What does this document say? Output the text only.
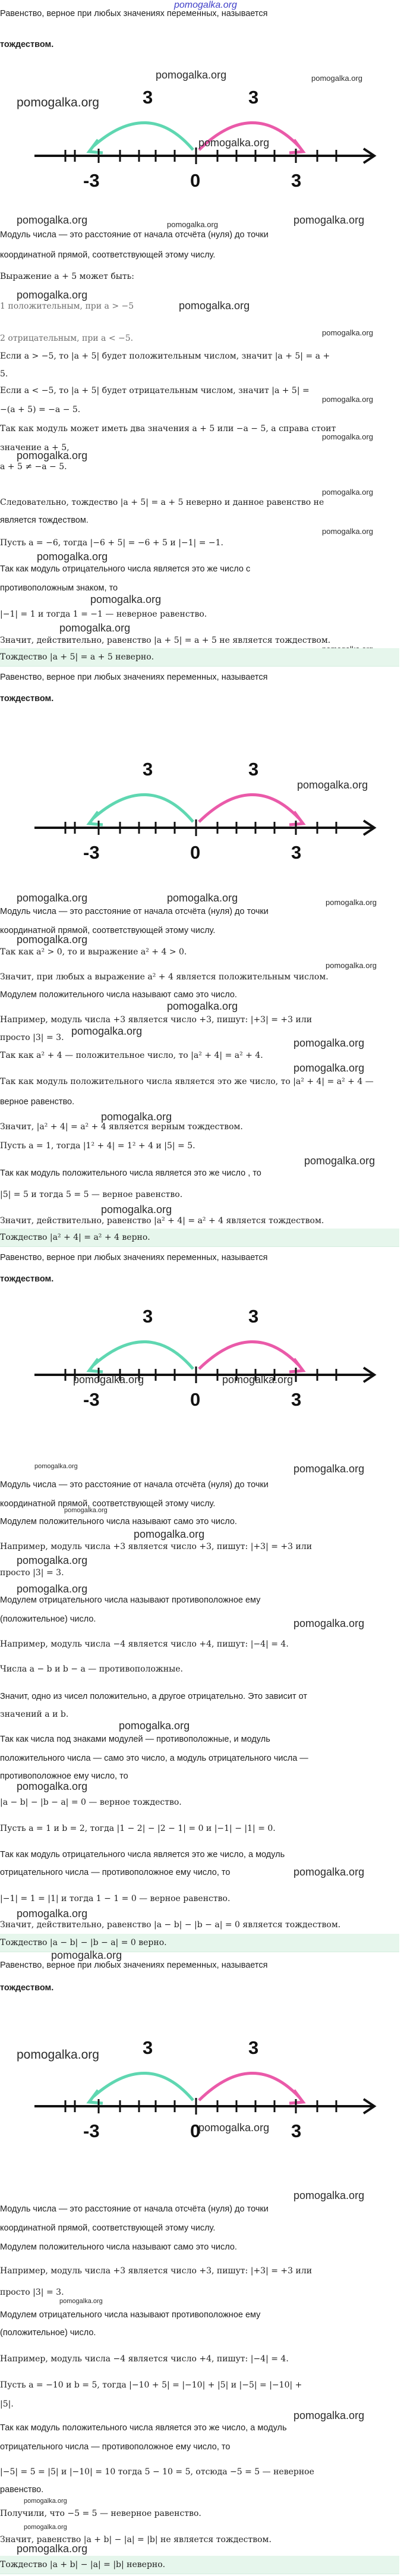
pomogalka.org

Равенство, верное при любых значениях переменных, называется

тождеством.

pomogalka.org	pomogalka.org
3	3
-3	0	3
pomogalka.org
pomogalka.org
pomogalka.org	pomogalka.org	pomogalka.org

Модуль числа — это расстояние от начала отсчёта (нуля) до точки

координатной прямой, соответствующей этому числу.

Выражение a + 5 может быть:

pomogalka.org

1 положительным, при a > −5	pomogalka.org
pomogalka.org

2 отрицательным, при a < −5.

Если a > −5, то |a + 5| будет положительным числом, значит |a + 5| = a +

5.

Если a < −5, то |a + 5| будет отрицательным числом, значит |a + 5| =

pomogalka.org

−(a + 5) = −a − 5.

Так как модуль может иметь два значения a + 5 или −a − 5, а справа стоит

pomogalka.org

значение a + 5,

pomogalka.org

a + 5 ≠ −a − 5.

pomogalka.org

Следовательно, тождество |a + 5| = a + 5 неверно и данное равенство не

является тождеством.

pomogalka.org

Пусть a = −6, тогда |−6 + 5| = −6 + 5 и |−1| = −1.

pomogalka.org

Так как модуль отрицательного числа является это же число с

противоположным знаком, то

pomogalka.org

|−1| = 1 и тогда 1 = −1 — неверное равенство.

pomogalka.org

Значит, действительно, равенство |a + 5| = a + 5 не является тождеством.

Тождество |a + 5| = a + 5 неверно.

Равенство, верное при любых значениях переменных, называется

тождеством.

3	3
-3	0	3
pomogalka.org
pomogalka.org	pomogalka.org	pomogalka.org

Модуль числа — это расстояние от начала отсчёта (нуля) до точки

координатной прямой, соответствующей этому числу.

pomogalka.org

Так как a² > 0, то и выражение a² + 4 > 0.

pomogalka.org

Значит, при любых a выражение a² + 4 является положительным числом.

Модулем положительного числа называют само это число.

pomogalka.org

Например, модуль числа +3 является число +3, пишут: |+3| = +3 или

просто |3| = 3.

pomogalka.org
pomogalka.org

Так как a² + 4 — положительное число, то |a² + 4| = a² + 4.

pomogalka.org

Так как модуль положительного числа является это же число, то |a² + 4| = a² + 4 —

верное равенство.

pomogalka.org

Значит, |a² + 4| = a² + 4 является верным тождеством.

Пусть a = 1, тогда |1² + 4| = 1² + 4 и |5| = 5.

pomogalka.org

Так как модуль положительного числа является это же число , то

|5| = 5 и тогда 5 = 5 — верное равенство.

pomogalka.org

Значит, действительно, равенство |a² + 4| = a² + 4 является тождеством.

Тождество |a² + 4| = a² + 4 верно.

Равенство, верное при любых значениях переменных, называется

тождеством.

3	3
-3	0	3
pomogalka.org	pomogalka.org
pomogalka.org	pomogalka.org

Модуль числа — это расстояние от начала отсчёта (нуля) до точки

координатной прямой, соответствующей этому числу.

pomogalka.org

Модулем положительного числа называют само это число.

pomogalka.org

Например, модуль числа +3 является число +3, пишут: |+3| = +3 или

pomogalka.org

просто |3| = 3.

pomogalka.org

Модулем отрицательного числа называют противоположное ему

(положительное) число.	pomogalka.org

Например, модуль числа −4 является число +4, пишут: |−4| = 4.

Числа a − b и b − a — противоположные.

Значит, одно из чисел положительно, а другое отрицательно. Это зависит от

значений a и b.

pomogalka.org

Так как числа под знаками модулей — противоположные, и модуль

положительного числа — само это число, а модуль отрицательного числа —

противоположное ему число, то

pomogalka.org

|a − b| − |b − a| = 0 — верное тождество.

Пусть a = 1 и b = 2, тогда |1 − 2| − |2 − 1| = 0 и |−1| − |1| = 0.

Так как модуль отрицательного числа является это же число, а модуль

отрицательного числа — противоположное ему число, то	pomogalka.org

|−1| = 1 = |1| и тогда 1 − 1 = 0 — верное равенство.

pomogalka.org

Значит, действительно, равенство |a − b| − |b − a| = 0 является тождеством.

Тождество |a − b| − |b − a| = 0 верно.

pomogalka.org

Равенство, верное при любых значениях переменных, называется

тождеством.

pomogalka.org 3	3
-3	0	3
pomogalka.org
pomogalka.org

Модуль числа — это расстояние от начала отсчёта (нуля) до точки

координатной прямой, соответствующей этому числу.

Модулем положительного числа называют само это число.

Например, модуль числа +3 является число +3, пишут: |+3| = +3 или

просто |3| = 3.

pomogalka.org

Модулем отрицательного числа называют противоположное ему

(положительное) число.

Например, модуль числа −4 является число +4, пишут: |−4| = 4.

Пусть a = −10 и b = 5, тогда |−10 + 5| = |−10| + |5| и |−5| = |−10| +

|5|.

pomogalka.org

Так как модуль положительного числа является это же число, а модуль

отрицательного числа — противоположное ему число, то

|−5| = 5 = |5| и |−10| = 10 тогда 5 − 10 = 5, отсюда −5 = 5 — неверное

равенство.

pomogalka.org

Получили, что −5 = 5 — неверное равенство.

pomogalka.org

Значит, равенство |a + b| − |a| = |b| не является тождеством.

pomogalka.org

Тождество |a + b| − |a| = |b| неверно.
